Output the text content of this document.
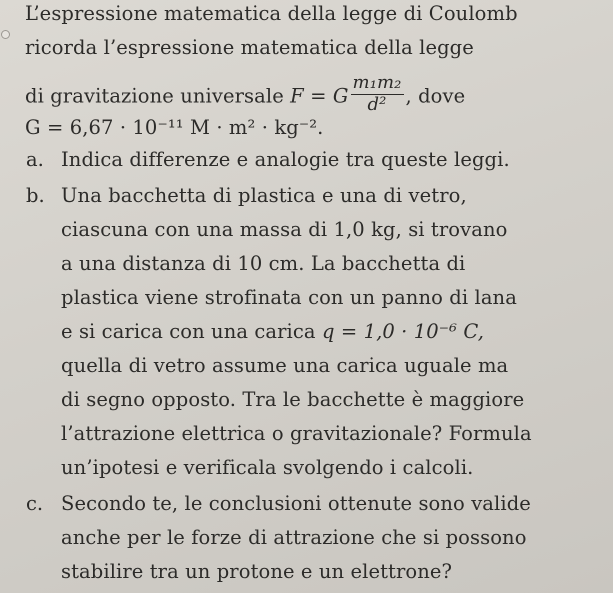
L’espressione matematica della legge di Coulomb
ricorda l’espressione matematica della legge
di gravitazione universale F = G $\frac{\text{m₁m₂}}{\text{d²}}$ , dove
G = 6,67 · 10⁻¹¹ M · m² · kg⁻².
a. Indica differenze e analogie tra queste leggi.
b. Una bacchetta di plastica e una di vetro,
ciascuna con una massa di 1,0 kg, si trovano
a una distanza di 10 cm. La bacchetta di
plastica viene strofinata con un panno di lana
e si carica con una carica q = 1,0 · 10⁻⁶ C,
quella di vetro assume una carica uguale ma
di segno opposto. Tra le bacchette è maggiore
l’attrazione elettrica o gravitazionale? Formula
un’ipotesi e verificala svolgendo i calcoli.
c. Secondo te, le conclusioni ottenute sono valide
anche per le forze di attrazione che si possono
stabilire tra un protone e un elettrone?
